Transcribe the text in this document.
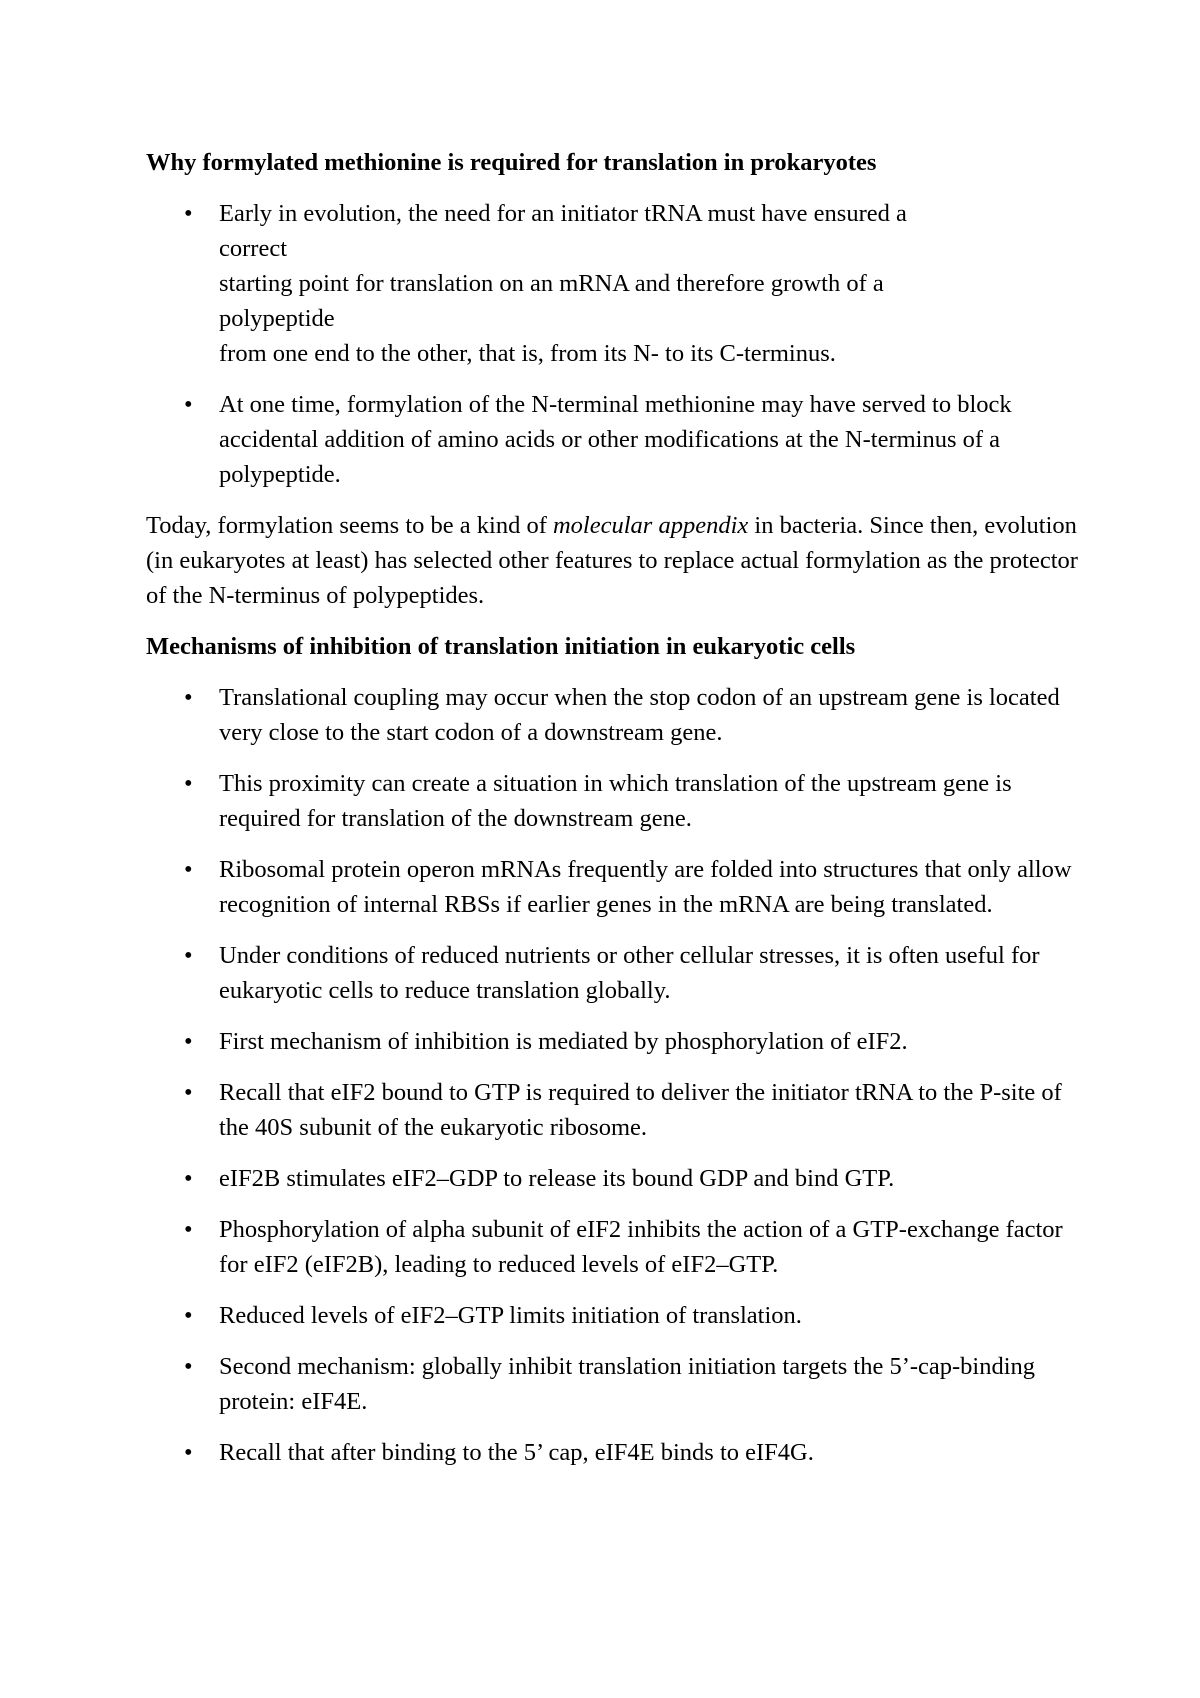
Why formylated methionine is required for translation in prokaryotes
• Early in evolution, the need for an initiator tRNA must have ensured a
correct
starting point for translation on an mRNA and therefore growth of a
polypeptide
from one end to the other, that is, from its N- to its C-terminus.
• At one time, formylation of the N-terminal methionine may have served to block accidental addition of amino acids or other modifications at the N-terminus of a polypeptide.

Today, formylation seems to be a kind of molecular appendix in bacteria. Since then, evolution (in eukaryotes at least) has selected other features to replace actual formylation as the protector of the N-terminus of polypeptides.

Mechanisms of inhibition of translation initiation in eukaryotic cells
• Translational coupling may occur when the stop codon of an upstream gene is located very close to the start codon of a downstream gene.
• This proximity can create a situation in which translation of the upstream gene is required for translation of the downstream gene.
• Ribosomal protein operon mRNAs frequently are folded into structures that only allow recognition of internal RBSs if earlier genes in the mRNA are being translated.
• Under conditions of reduced nutrients or other cellular stresses, it is often useful for eukaryotic cells to reduce translation globally.
• First mechanism of inhibition is mediated by phosphorylation of eIF2.
• Recall that eIF2 bound to GTP is required to deliver the initiator tRNA to the P-site of the 40S subunit of the eukaryotic ribosome.
• eIF2B stimulates eIF2–GDP to release its bound GDP and bind GTP.
• Phosphorylation of alpha subunit of eIF2 inhibits the action of a GTP-exchange factor for eIF2 (eIF2B), leading to reduced levels of eIF2–GTP.
• Reduced levels of eIF2–GTP limits initiation of translation.
• Second mechanism: globally inhibit translation initiation targets the 5’-cap-binding protein: eIF4E.
• Recall that after binding to the 5’ cap, eIF4E binds to eIF4G.
